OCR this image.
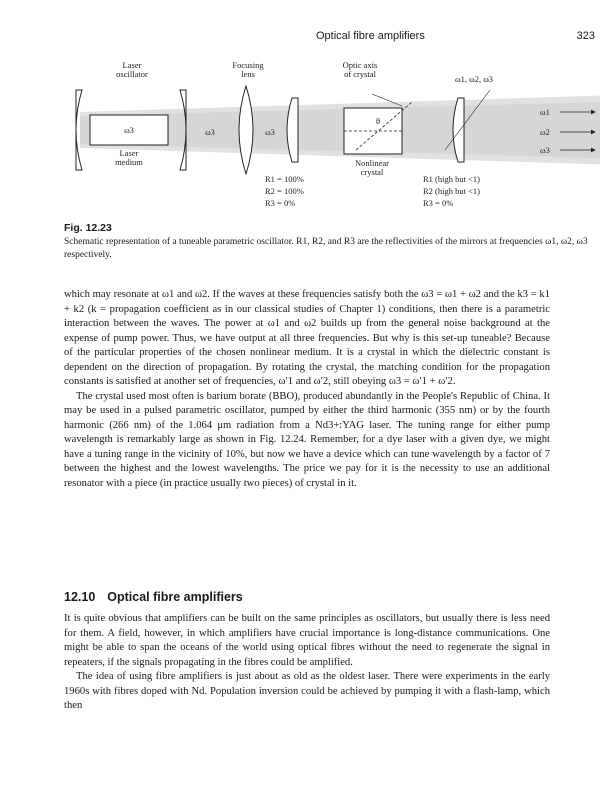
Optical fibre amplifiers	323
Laser
oscillator
Focusing
lens
Optic axis
of crystal	ω1, ω2, ω3
ω1
ω2
ω3
ω3	ω3	ω3
Laser
medium
θ
Nonlinear
crystal
R1 = 100%
R2 = 100%
R3 = 0%
R1 (high but <1)
R2 (high but <1)
R3 = 0%

Fig. 12.23

Schematic representation of a tuneable parametric oscillator. R1, R2, and R3 are the reflectivities of the mirrors at frequencies ω1, ω2, ω3 respectively.

which may resonate at ω1 and ω2. If the waves at these frequencies satisfy both the ω3 = ω1 + ω2 and the k3 = k1 + k2 (k = propagation coefficient as in our classical studies of Chapter 1) conditions, then there is a parametric interaction between the waves. The power at ω1 and ω2 builds up from the general noise background at the expense of pump power. Thus, we have output at all three frequencies. But why is this set-up tuneable? Because of the particular properties of the chosen nonlinear medium. It is a crystal in which the dielectric constant is dependent on the direction of propagation. By rotating the crystal, the matching condition for the propagation constants is satisfied at another set of frequencies, ω′1 and ω′2, still obeying ω3 = ω′1 + ω′2.

The crystal used most often is barium borate (BBO), produced abundantly in the People's Republic of China. It may be used in a pulsed parametric oscillator, pumped by either the third harmonic (355 nm) or by the fourth harmonic (266 nm) of the 1.064 μm radiation from a Nd3+:YAG laser. The tuning range for either pump wavelength is remarkably large as shown in Fig. 12.24. Remember, for a dye laser with a given dye, we might have a tuning range in the vicinity of 10%, but now we have a device which can tune wavelength by a factor of 7 between the highest and the lowest wavelengths. The price we pay for it is the necessity to use an additional resonator with a piece (in practice usually two pieces) of crystal in it.

12.10 Optical fibre amplifiers

It is quite obvious that amplifiers can be built on the same principles as oscillators, but usually there is less need for them. A field, however, in which amplifiers have crucial importance is long-distance communications. One might be able to span the oceans of the world using optical fibres without the need to regenerate the signal in repeaters, if the signals propagating in the fibres could be amplified.

The idea of using fibre amplifiers is just about as old as the oldest laser. There were experiments in the early 1960s with fibres doped with Nd. Population inversion could be achieved by pumping it with a flash-lamp, which then
